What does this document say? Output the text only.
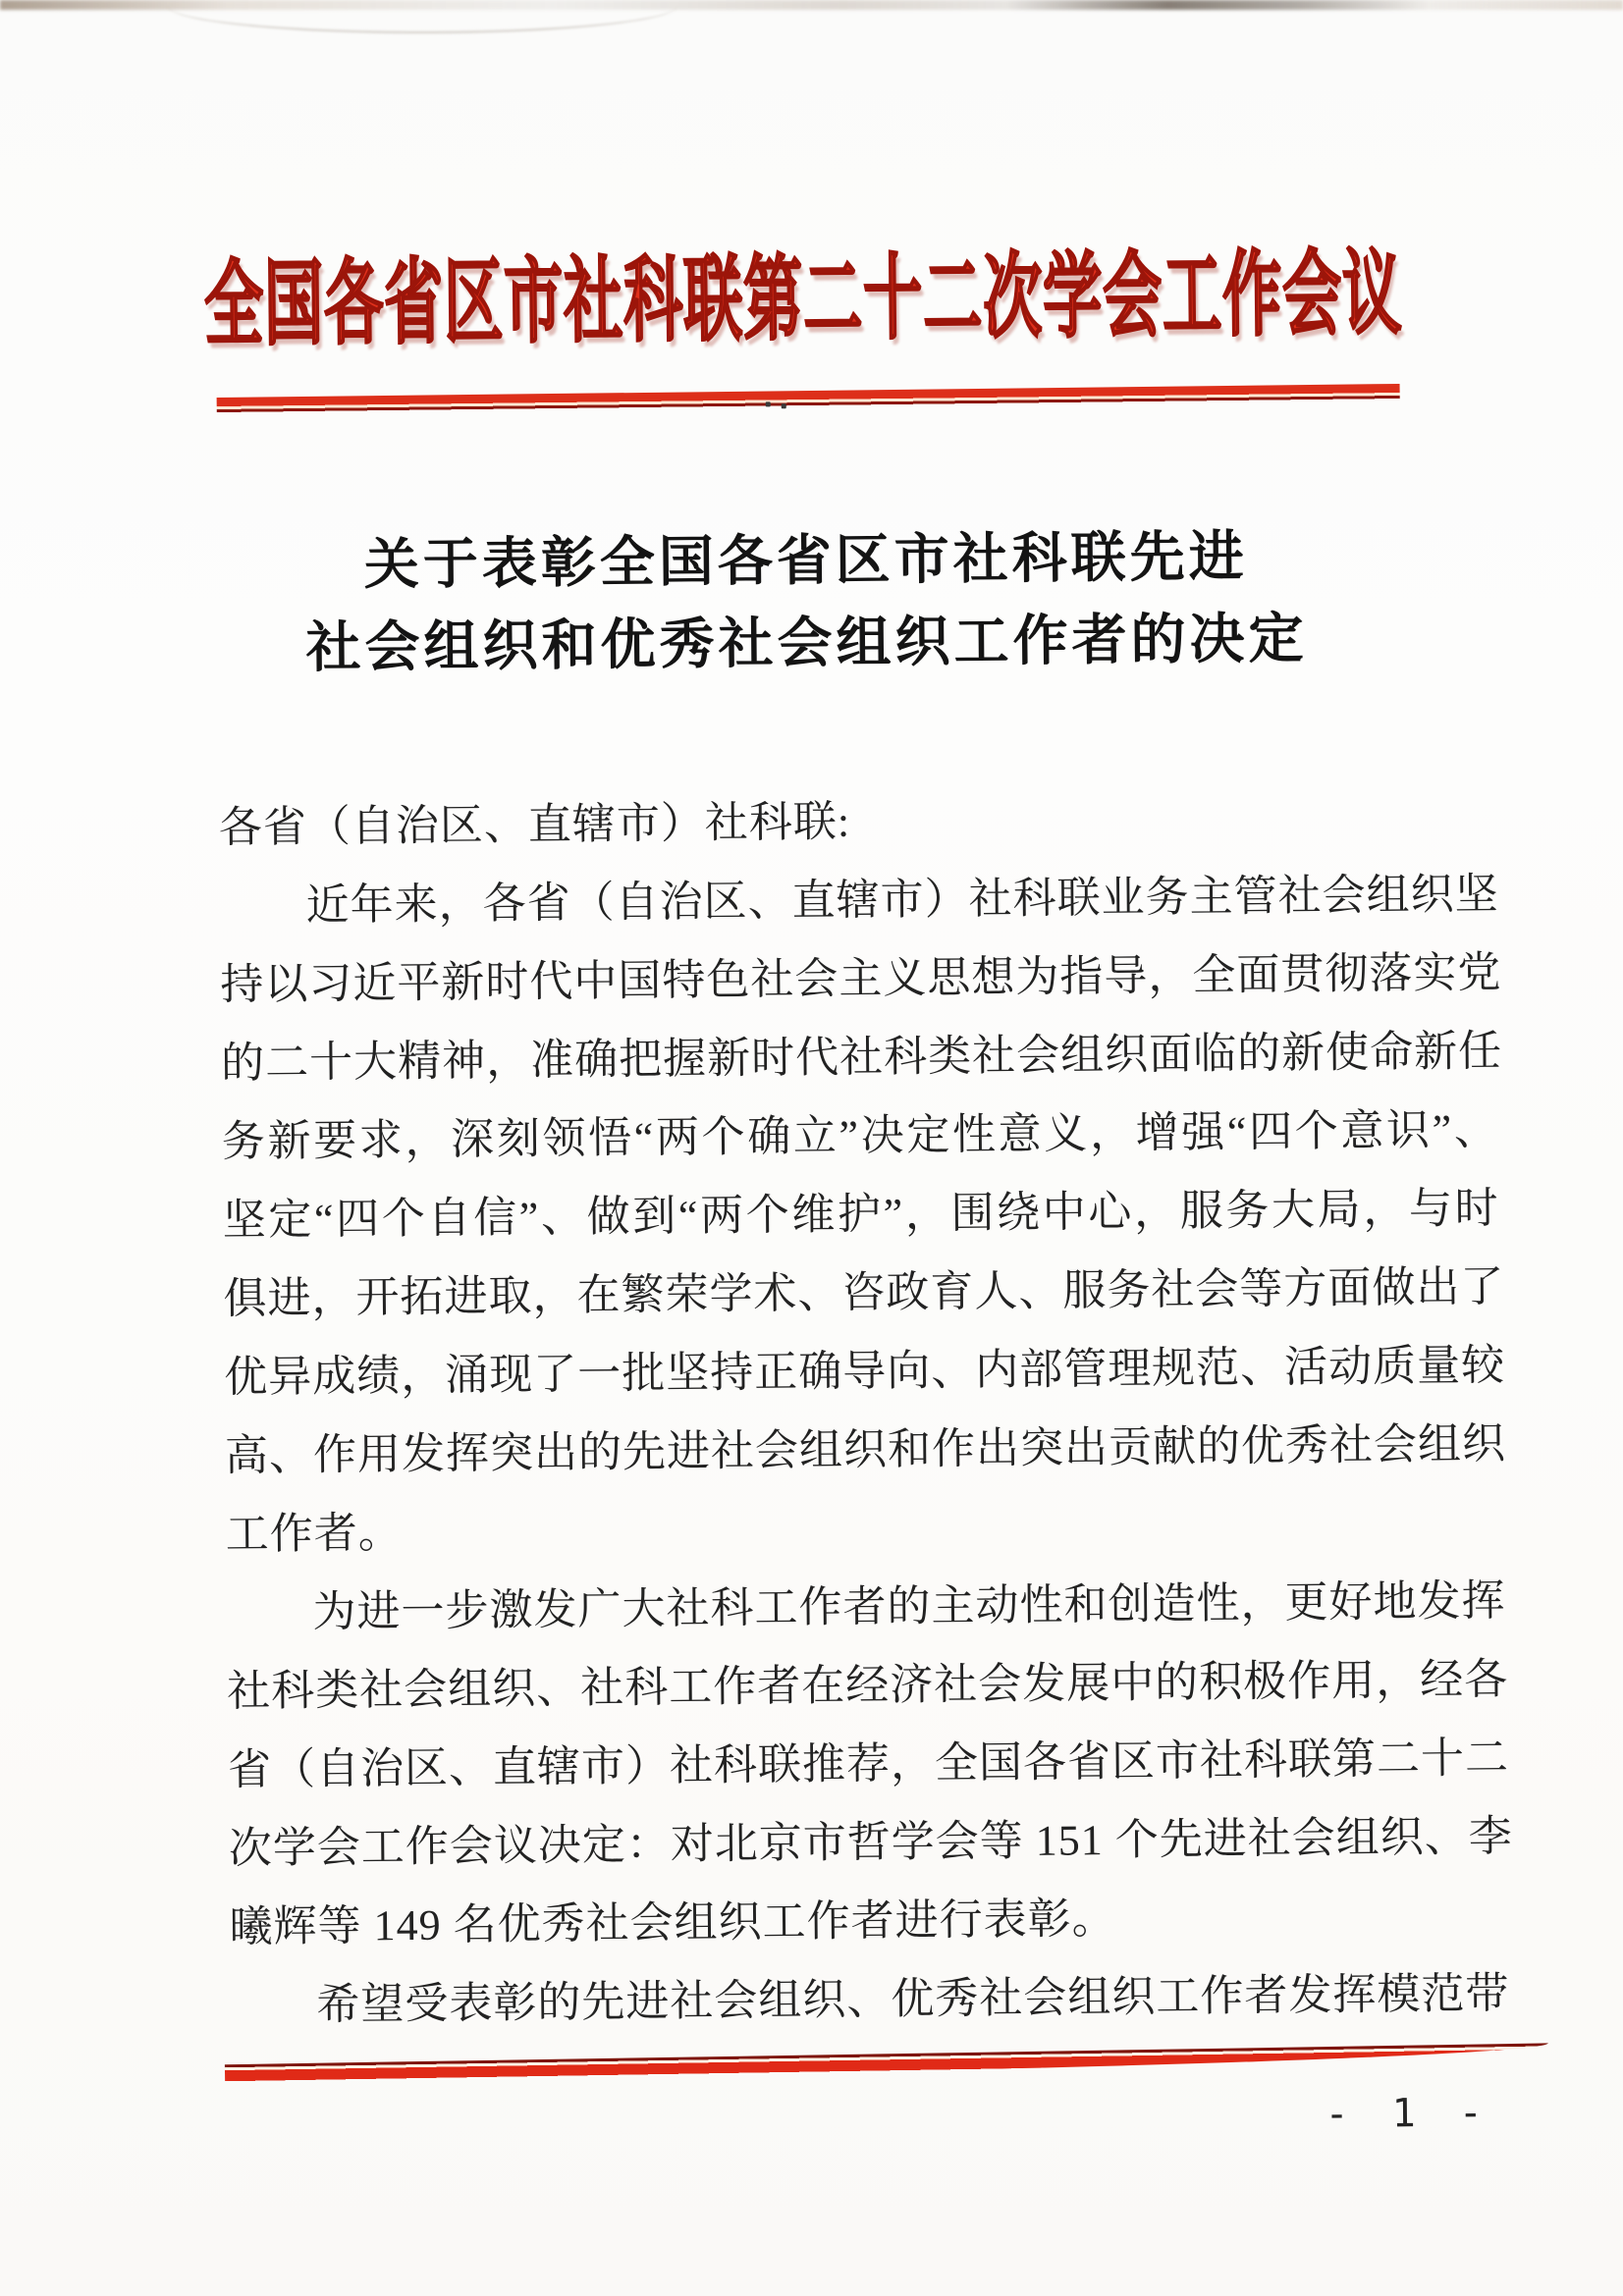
全国各省区市社科联第二十二次学会工作会议
关于表彰全国各省区市社科联先进
社会组织和优秀社会组织工作者的决定
各省（自治区、直辖市）社科联:
近年来，各省（自治区、直辖市）社科联业务主管社会组织坚
持以习近平新时代中国特色社会主义思想为指导，全面贯彻落实党
的二十大精神，准确把握新时代社科类社会组织面临的新使命新任
务新要求，深刻领悟“两个确立”决定性意义，增强“四个意识”、
坚定“四个自信”、做到“两个维护”，围绕中心，服务大局，与时
俱进，开拓进取，在繁荣学术、咨政育人、服务社会等方面做出了
优异成绩，涌现了一批坚持正确导向、内部管理规范、活动质量较
高、作用发挥突出的先进社会组织和作出突出贡献的优秀社会组织
工作者。
为进一步激发广大社科工作者的主动性和创造性，更好地发挥
社科类社会组织、社科工作者在经济社会发展中的积极作用，经各
省（自治区、直辖市）社科联推荐，全国各省区市社科联第二十二
次学会工作会议决定：对北京市哲学会等 151 个先进社会组织、李
曦辉等 149 名优秀社会组织工作者进行表彰。
希望受表彰的先进社会组织、优秀社会组织工作者发挥模范带
- 1 -
